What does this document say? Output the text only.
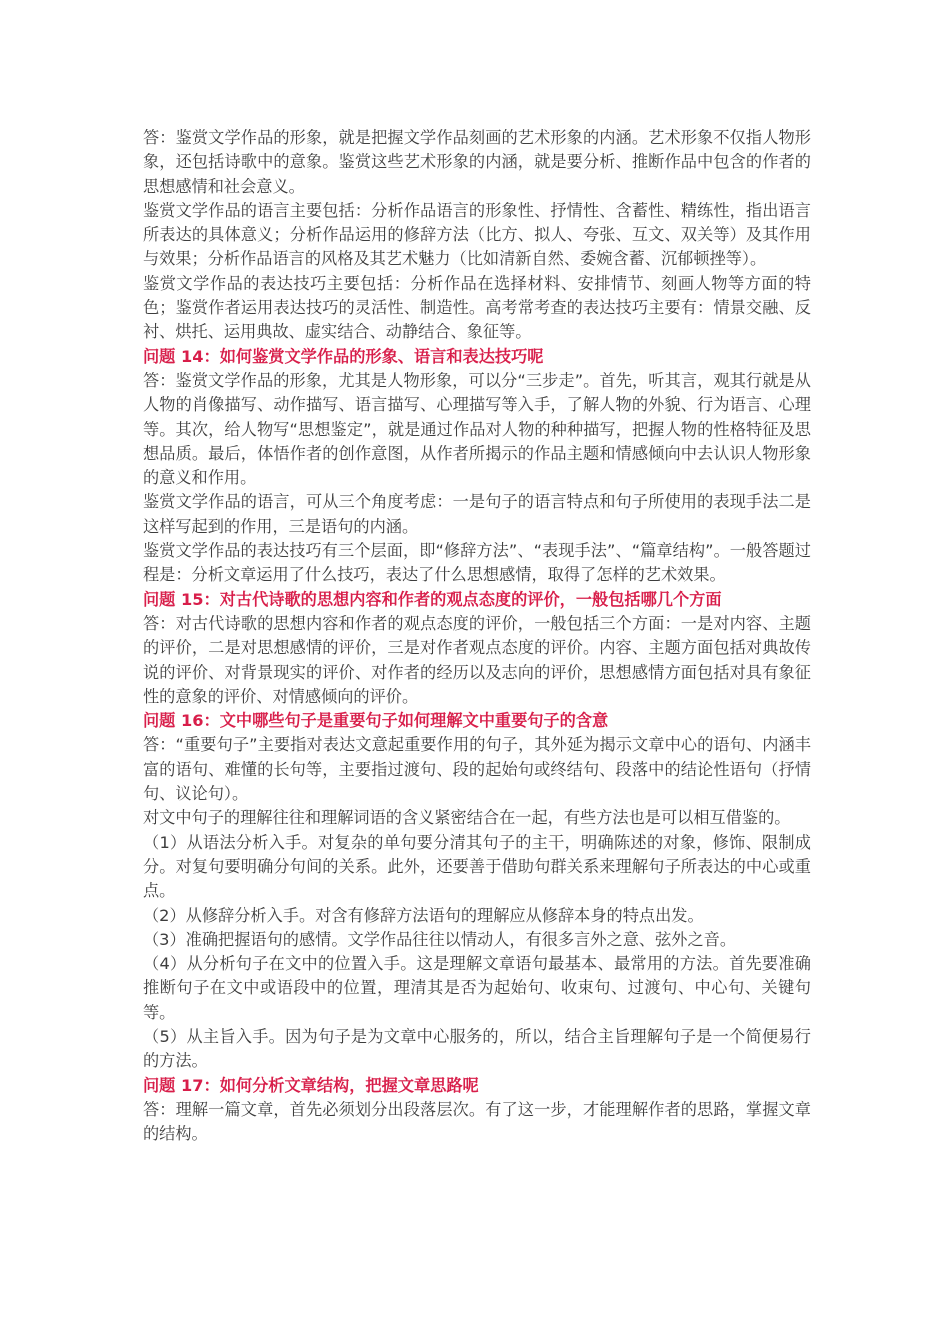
答：鉴赏文学作品的形象，就是把握文学作品刻画的艺术形象的内涵。艺术形象不仅指人物形象，还包括诗歌中的意象。鉴赏这些艺术形象的内涵，就是要分析、推断作品中包含的作者的思想感情和社会意义。

鉴赏文学作品的语言主要包括：分析作品语言的形象性、抒情性、含蓄性、精练性，指出语言所表达的具体意义；分析作品运用的修辞方法（比方、拟人、夸张、互文、双关等）及其作用与效果；分析作品语言的风格及其艺术魅力（比如清新自然、委婉含蓄、沉郁顿挫等）。

鉴赏文学作品的表达技巧主要包括：分析作品在选择材料、安排情节、刻画人物等方面的特色；鉴赏作者运用表达技巧的灵活性、制造性。高考常考查的表达技巧主要有：情景交融、反衬、烘托、运用典故、虚实结合、动静结合、象征等。

问题 14：如何鉴赏文学作品的形象、语言和表达技巧呢

答：鉴赏文学作品的形象，尤其是人物形象，可以分“三步走”。首先，听其言，观其行就是从人物的肖像描写、动作描写、语言描写、心理描写等入手，了解人物的外貌、行为语言、心理等。其次，给人物写“思想鉴定”，就是通过作品对人物的种种描写，把握人物的性格特征及思想品质。最后，体悟作者的创作意图，从作者所揭示的作品主题和情感倾向中去认识人物形象的意义和作用。

鉴赏文学作品的语言，可从三个角度考虑：一是句子的语言特点和句子所使用的表现手法二是这样写起到的作用，三是语句的内涵。

鉴赏文学作品的表达技巧有三个层面，即“修辞方法”、“表现手法”、“篇章结构”。一般答题过程是：分析文章运用了什么技巧，表达了什么思想感情，取得了怎样的艺术效果。

问题 15：对古代诗歌的思想内容和作者的观点态度的评价，一般包括哪几个方面

答：对古代诗歌的思想内容和作者的观点态度的评价，一般包括三个方面：一是对内容、主题的评价，二是对思想感情的评价，三是对作者观点态度的评价。内容、主题方面包括对典故传说的评价、对背景现实的评价、对作者的经历以及志向的评价，思想感情方面包括对具有象征性的意象的评价、对情感倾向的评价。

问题 16：文中哪些句子是重要句子如何理解文中重要句子的含意

答：“重要句子”主要指对表达文意起重要作用的句子，其外延为揭示文章中心的语句、内涵丰富的语句、难懂的长句等，主要指过渡句、段的起始句或终结句、段落中的结论性语句（抒情句、议论句）。

对文中句子的理解往往和理解词语的含义紧密结合在一起，有些方法也是可以相互借鉴的。

（1）从语法分析入手。对复杂的单句要分清其句子的主干，明确陈述的对象，修饰、限制成分。对复句要明确分句间的关系。此外，还要善于借助句群关系来理解句子所表达的中心或重点。

（2）从修辞分析入手。对含有修辞方法语句的理解应从修辞本身的特点出发。

（3）准确把握语句的感情。文学作品往往以情动人，有很多言外之意、弦外之音。

（4）从分析句子在文中的位置入手。这是理解文章语句最基本、最常用的方法。首先要准确推断句子在文中或语段中的位置，理清其是否为起始句、收束句、过渡句、中心句、关键句等。

（5）从主旨入手。因为句子是为文章中心服务的，所以，结合主旨理解句子是一个简便易行的方法。

问题 17：如何分析文章结构，把握文章思路呢

答：理解一篇文章，首先必须划分出段落层次。有了这一步，才能理解作者的思路，掌握文章的结构。
